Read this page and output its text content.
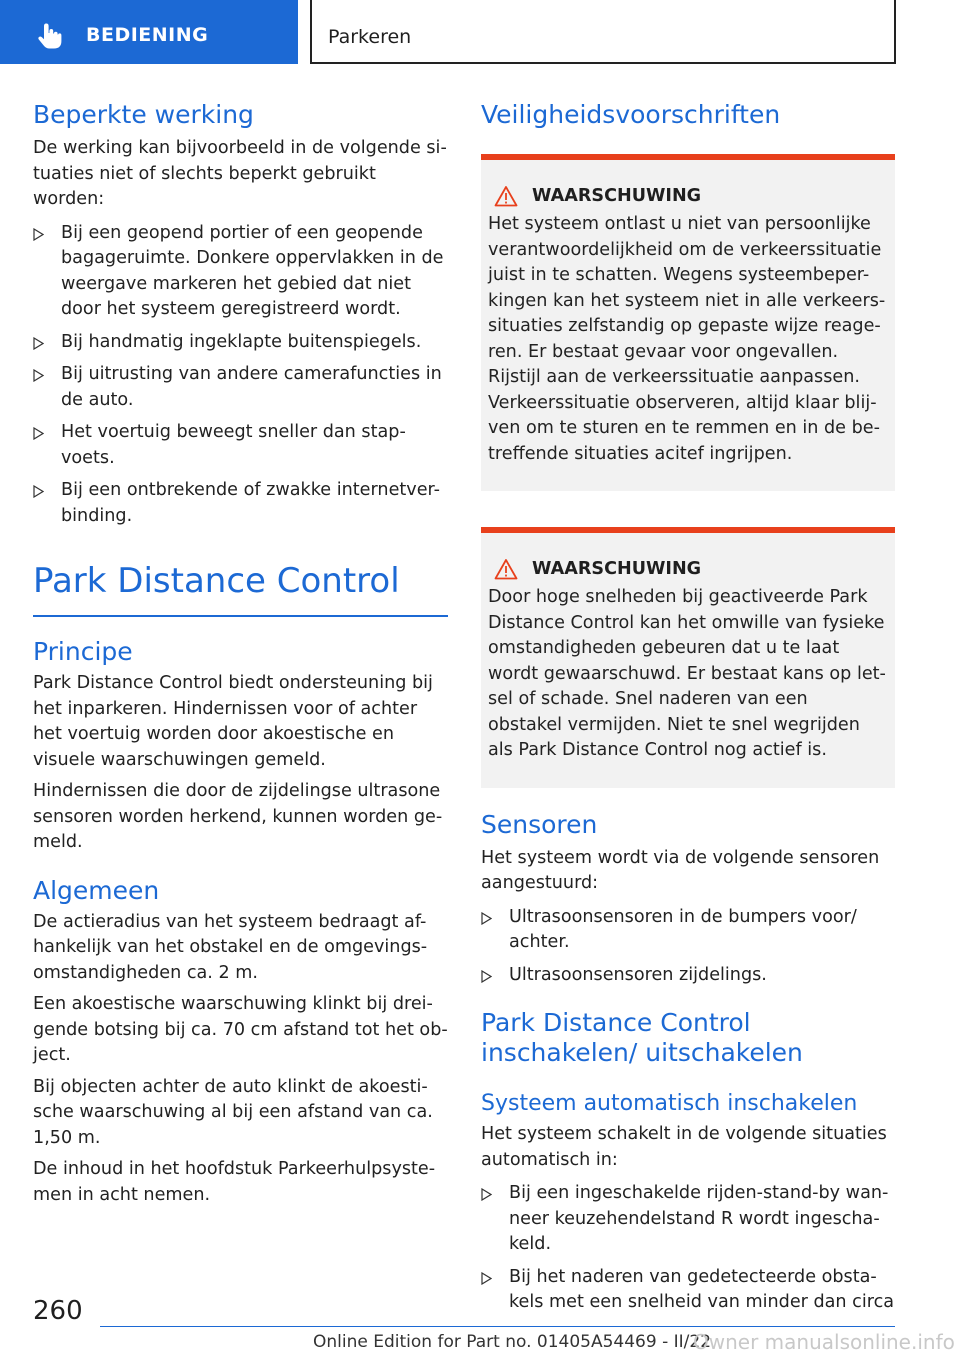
BEDIENING	Parkeren
Beperkte werking

De werking kan bijvoorbeeld in de volgende si-tuaties niet of slechts beperkt gebruikt worden:

Bij een geopend portier of een geopende bagageruimte. Donkere oppervlakken in de weergave markeren het gebied dat niet door het systeem geregistreerd wordt.
Bij handmatig ingeklapte buitenspiegels.
Bij uitrusting van andere camerafuncties in de auto.
Het voertuig beweegt sneller dan stap-voets.
Bij een ontbrekende of zwakke internetver-binding.
Park Distance Control
Principe

Park Distance Control biedt ondersteuning bij het inparkeren. Hindernissen voor of achter het voertuig worden door akoestische en visuele waarschuwingen gemeld.

Hindernissen die door de zijdelingse ultrasone sensoren worden herkend, kunnen worden ge-meld.

Algemeen

De actieradius van het systeem bedraagt af-hankelijk van het obstakel en de omgevings-omstandigheden ca. 2 m.

Een akoestische waarschuwing klinkt bij drei-gende botsing bij ca. 70 cm afstand tot het ob-ject.

Bij objecten achter de auto klinkt de akoesti-sche waarschuwing al bij een afstand van ca. 1,50 m.

De inhoud in het hoofdstuk Parkeerhulpsyste-men in acht nemen.

Veiligheidsvoorschriften
WAARSCHUWING

Het systeem ontlast u niet van persoonlijke verantwoordelijkheid om de verkeerssituatie juist in te schatten. Wegens systeembeper-kingen kan het systeem niet in alle verkeers-situaties zelfstandig op gepaste wijze reage-ren. Er bestaat gevaar voor ongevallen. Rijstijl aan de verkeerssituatie aanpassen. Verkeerssituatie observeren, altijd klaar blij-ven om te sturen en te remmen en in de be-treffende situaties acitef ingrijpen.

WAARSCHUWING

Door hoge snelheden bij geactiveerde Park Distance Control kan het omwille van fysieke omstandigheden gebeuren dat u te laat wordt gewaarschuwd. Er bestaat kans op let-sel of schade. Snel naderen van een obstakel vermijden. Niet te snel wegrijden als Park Distance Control nog actief is.

Sensoren

Het systeem wordt via de volgende sensoren aangestuurd:

Ultrasoonsensoren in de bumpers voor/ achter.
Ultrasoonsensoren zijdelings.
Park Distance Control inschakelen/ uitschakelen
Systeem automatisch inschakelen

Het systeem schakelt in de volgende situaties automatisch in:

Bij een ingeschakelde rijden-stand-by wan-neer keuzehendelstand R wordt ingescha-keld.
Bij het naderen van gedetecteerde obsta-kels met een snelheid van minder dan circa
260
Online Edition for Part no. 01405A54469 - II/22
Owner manualsonline.info
